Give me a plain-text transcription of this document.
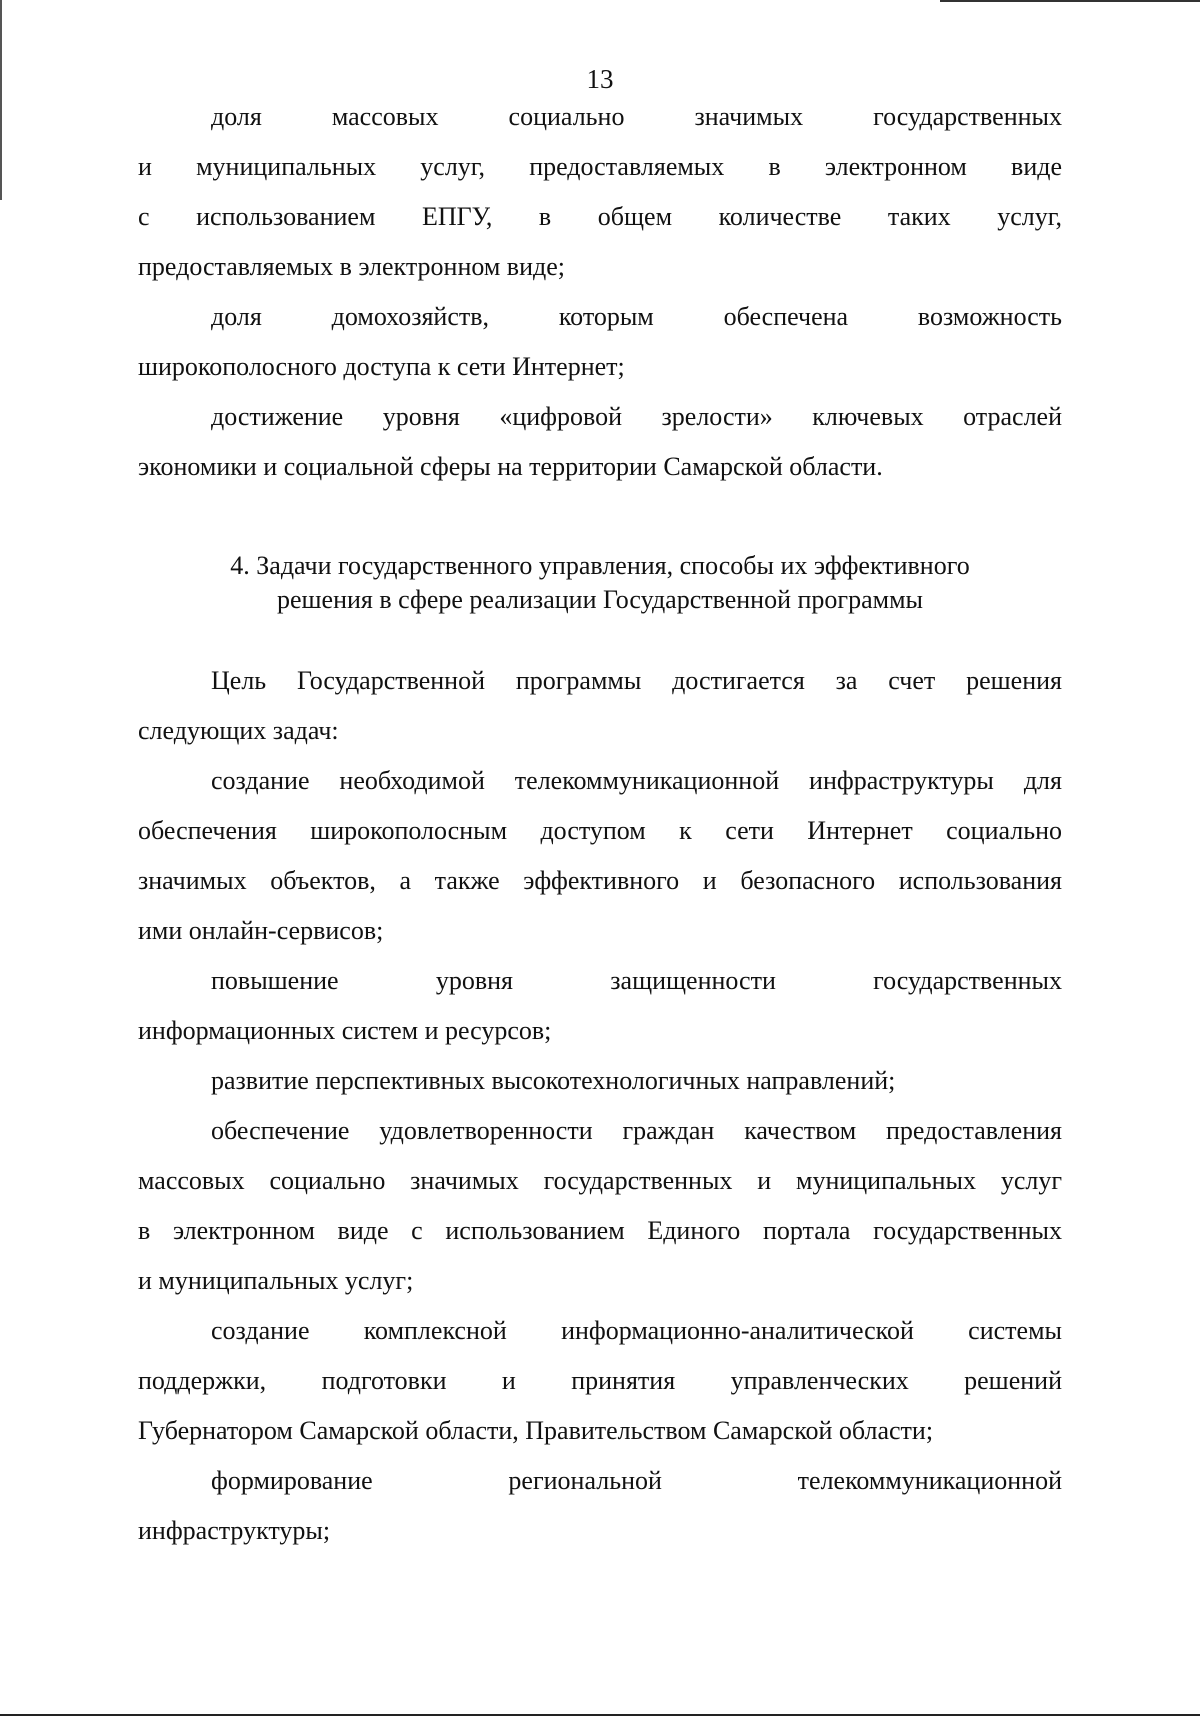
13
доля массовых социально значимых государственных
и муниципальных услуг, предоставляемых в электронном виде
с использованием ЕПГУ, в общем количестве таких услуг,
предоставляемых в электронном виде;
доля домохозяйств, которым обеспечена возможность
широкополосного доступа к сети Интернет;
достижение уровня «цифровой зрелости» ключевых отраслей
экономики и социальной сферы на территории Самарской области.
4. Задачи государственного управления, способы их эффективного
решения в сфере реализации Государственной программы
Цель Государственной программы достигается за счет решения
следующих задач:
создание необходимой телекоммуникационной инфраструктуры для
обеспечения широкополосным доступом к сети Интернет социально
значимых объектов, а также эффективного и безопасного использования
ими онлайн-сервисов;
повышение уровня защищенности государственных
информационных систем и ресурсов;
развитие перспективных высокотехнологичных направлений;
обеспечение удовлетворенности граждан качеством предоставления
массовых социально значимых государственных и муниципальных услуг
в электронном виде с использованием Единого портала государственных
и муниципальных услуг;
создание комплексной информационно-аналитической системы
поддержки, подготовки и принятия управленческих решений
Губернатором Самарской области, Правительством Самарской области;
формирование региональной телекоммуникационной
инфраструктуры;
